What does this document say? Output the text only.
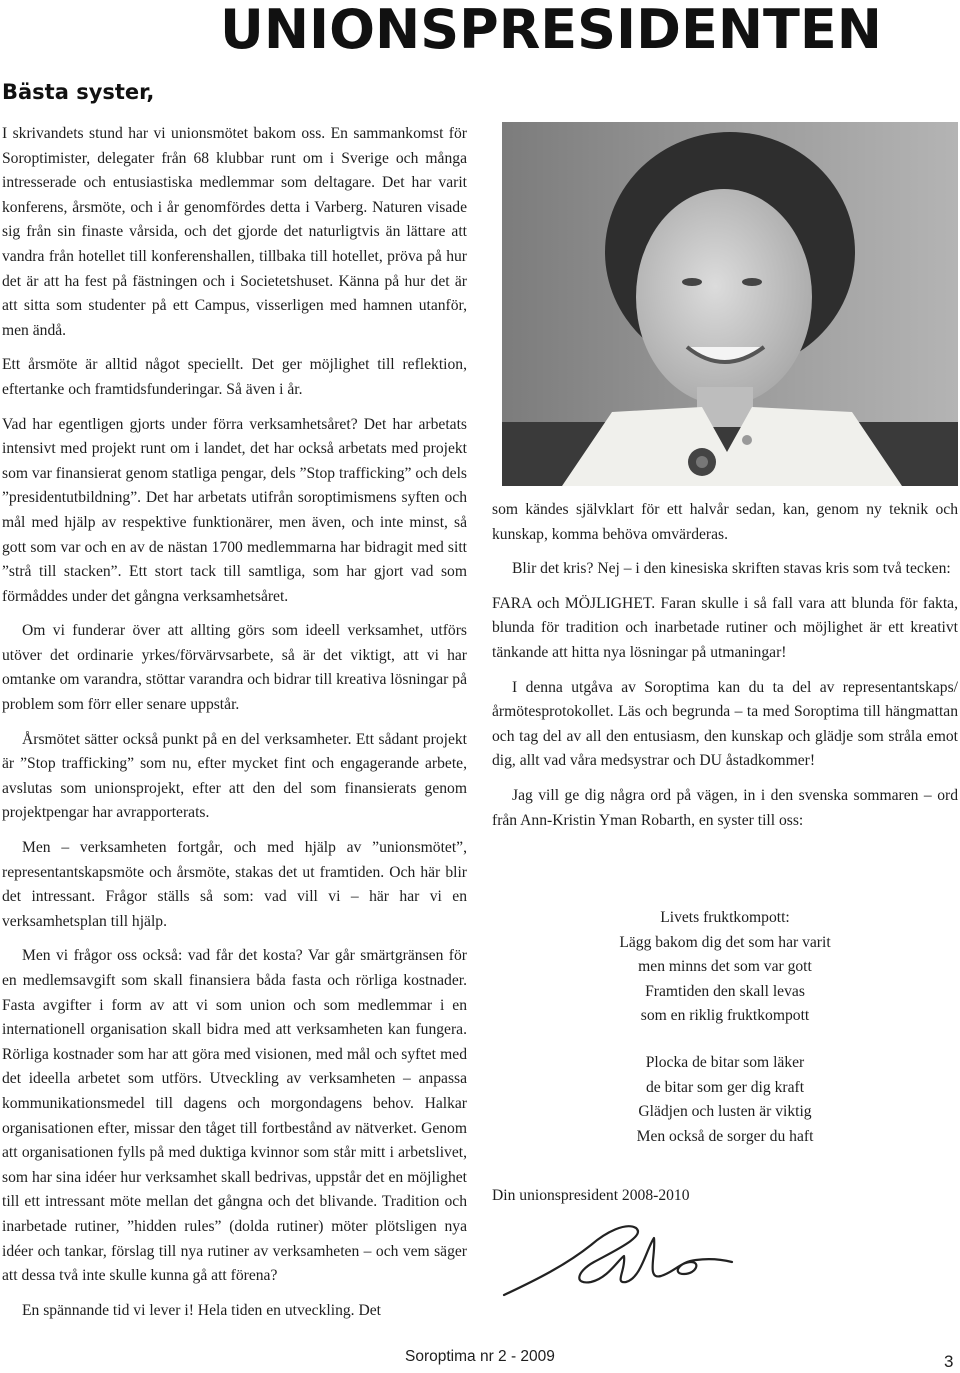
UNIONSPRESIDENTEN
Bästa syster,

I skrivandets stund har vi unionsmötet bakom oss. En sammankomst för Soroptimister, delegater från 68 klubbar runt om i Sverige och många intresserade och entusiastiska medlemmar som deltagare. Det har varit konferens, årsmöte, och i år genomfördes detta i Varberg. Naturen visade sig från sin finaste vårsida, och det gjorde det naturligtvis än lättare att vandra från hotellet till konferenshallen, tillbaka till hotellet, pröva på hur det är att ha fest på fästningen och i Societetshuset. Känna på hur det är att sitta som studenter på ett Campus, visserligen med hamnen utanför, men ändå.

Ett årsmöte är alltid något speciellt. Det ger möjlighet till reflektion, eftertanke och framtidsfunderingar. Så även i år.

Vad har egentligen gjorts under förra verksamhetsåret? Det har arbetats intensivt med projekt runt om i landet, det har också arbetats med projekt som var finansierat genom statliga pengar, dels ”Stop trafficking” och dels ”presidentutbildning”. Det har arbetats utifrån soroptimismens syften och mål med hjälp av respektive funktionärer, men även, och inte minst, så gott som var och en av de nästan 1700 medlemmarna har bidragit med sitt ”strå till stacken”. Ett stort tack till samtliga, som har gjort vad som förmåddes under det gångna verksamhetsåret.

Om vi funderar över att allting görs som ideell verksamhet, utförs utöver det ordinarie yrkes/förvärvsarbete, så är det viktigt, att vi har omtanke om varandra, stöttar varandra och bidrar till kreativa lösningar på problem som förr eller senare uppstår.

Årsmötet sätter också punkt på en del verksamheter. Ett sådant projekt är ”Stop trafficking” som nu, efter mycket fint och engagerande arbete, avslutas som unionsprojekt, efter att den del som finansierats genom projektpengar har avrapporterats.

Men – verksamheten fortgår, och med hjälp av ”unionsmötet”, representantskapsmöte och årsmöte, stakas det ut framtiden. Och här blir det intressant. Frågor ställs så som: vad vill vi – här har vi en verksamhetsplan till hjälp.

Men vi frågor oss också: vad får det kosta? Var går smärtgränsen för en medlemsavgift som skall finansiera båda fasta och rörliga kostnader. Fasta avgifter i form av att vi som union och som medlemmar i en internationell organisation skall bidra med att verksamheten kan fungera. Rörliga kostnader som har att göra med visionen, med mål och syftet med det ideella arbetet som utförs. Utveckling av verksamheten – anpassa kommunikationsmedel till dagens och morgondagens behov. Halkar organisationen efter, missar den tåget till fortbestånd av nätverket. Genom att organisationen fylls på med duktiga kvinnor som står mitt i arbetslivet, som har sina idéer hur verksamhet skall bedrivas, uppstår det en möjlighet till ett intressant möte mellan det gångna och det blivande. Tradition och inarbetade rutiner, ”hidden rules” (dolda rutiner) möter plötsligen nya idéer och tankar, förslag till nya rutiner av verksamheten – och vem säger att dessa två inte skulle kunna gå att förena?

En spännande tid vi lever i! Hela tiden en utveckling. Det

som kändes självklart för ett halvår sedan, kan, genom ny teknik och kunskap, komma behöva omvärderas.

Blir det kris? Nej – i den kinesiska skriften stavas kris som två tecken:

FARA och MÖJLIGHET. Faran skulle i så fall vara att blunda för fakta, blunda för tradition och inarbetade rutiner och möjlighet är ett kreativt tänkande att hitta nya lösningar på utmaningar!

I denna utgåva av Soroptima kan du ta del av representantskaps/årmötesprotokollet. Läs och begrunda – ta med Soroptima till hängmattan och tag del av all den entusiasm, den kunskap och glädje som stråla emot dig, allt vad våra medsystrar och DU åstadkommer!

Jag vill ge dig några ord på vägen, in i den svenska sommaren – ord från Ann-Kristin Yman Robarth, en syster till oss:

Livets fruktkompott:
Lägg bakom dig det som har varit
men minns det som var gott
Framtiden den skall levas
som en riklig fruktkompott
Plocka de bitar som läker
de bitar som ger dig kraft
Glädjen och lusten är viktig
Men också de sorger du haft
Din unionspresident 2008-2010
Soroptima nr 2 - 2009	3
